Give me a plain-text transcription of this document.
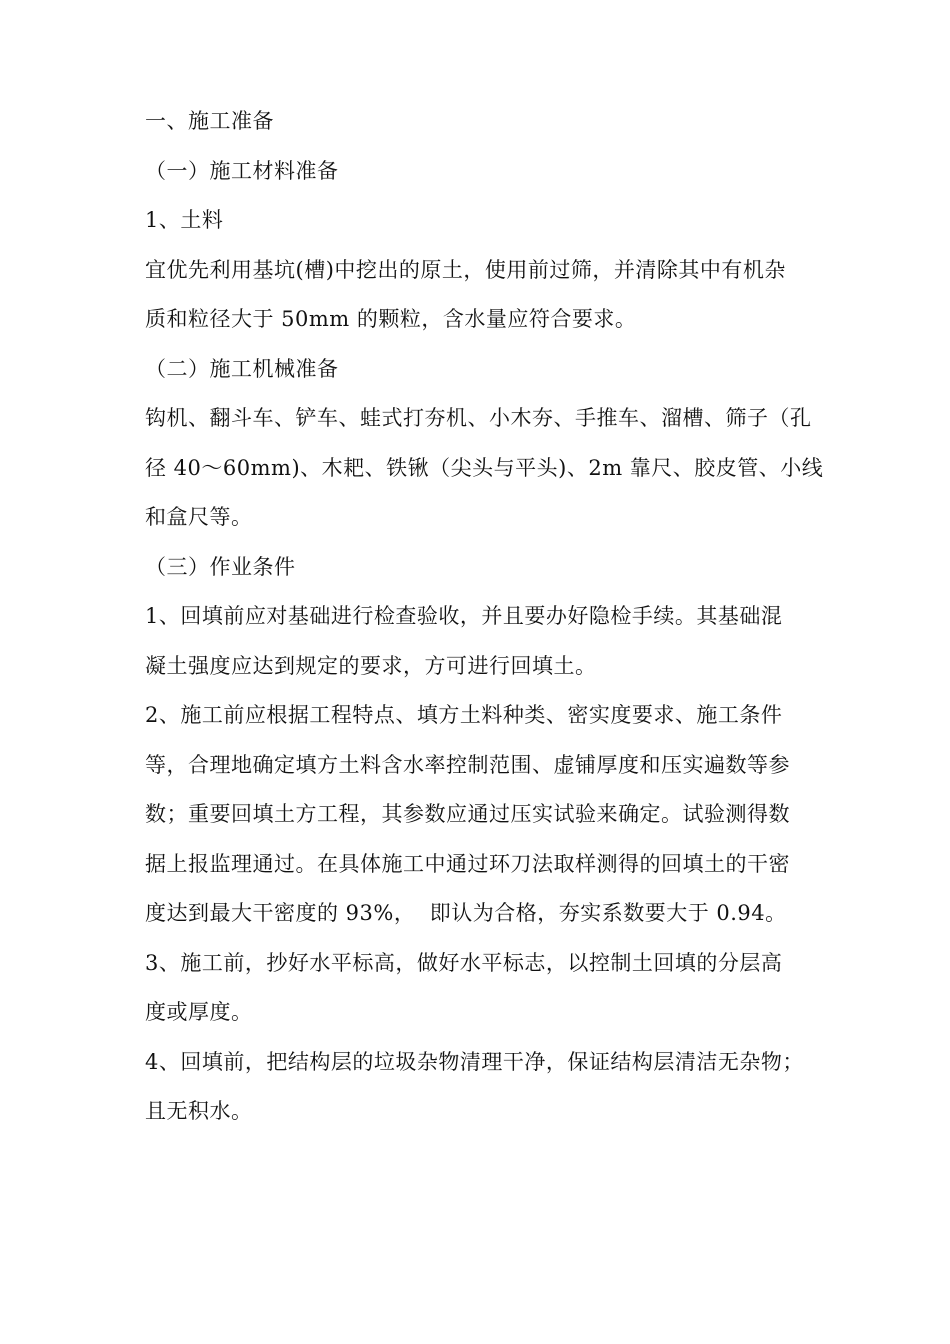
一、施工准备
（一）施工材料准备
1、土料
宜优先利用基坑(槽)中挖出的原土，使用前过筛，并清除其中有机杂
质和粒径大于 50mm 的颗粒，含水量应符合要求。
（二）施工机械准备
钩机、翻斗车、铲车、蛙式打夯机、小木夯、手推车、溜槽、筛子（孔
径 40～60mm)、木耙、铁锹（尖头与平头)、2m 靠尺、胶皮管、小线
和盒尺等。
（三）作业条件
1、回填前应对基础进行检查验收，并且要办好隐检手续。其基础混
凝土强度应达到规定的要求，方可进行回填土。
2、施工前应根据工程特点、填方土料种类、密实度要求、施工条件
等，合理地确定填方土料含水率控制范围、虚铺厚度和压实遍数等参
数；重要回填土方工程，其参数应通过压实试验来确定。试验测得数
据上报监理通过。在具体施工中通过环刀法取样测得的回填土的干密
度达到最大干密度的 93%，  即认为合格，夯实系数要大于 0.94。
3、施工前，抄好水平标高，做好水平标志，以控制土回填的分层高
度或厚度。
4、回填前，把结构层的垃圾杂物清理干净，保证结构层清洁无杂物；
且无积水。
